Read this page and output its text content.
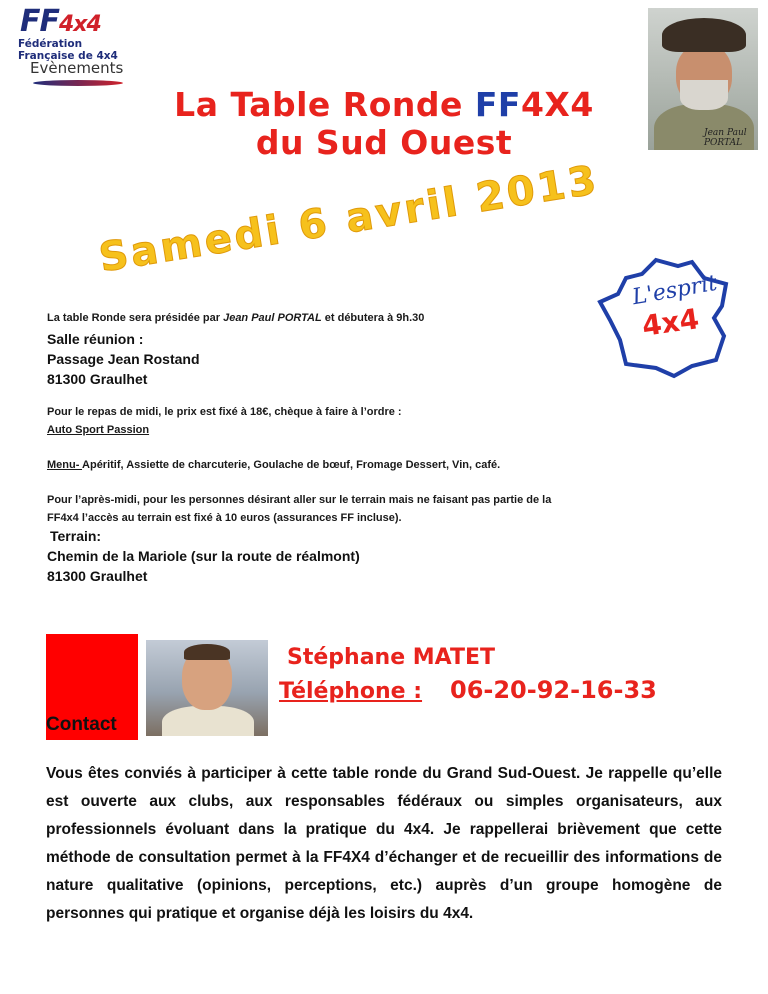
FF4x4
Fédération Française de 4x4
Evènements
La Table Ronde FF4X4
du Sud Ouest	Jean Paul PORTAL
Samedi 6 avril 2013
L'esprit
4x4
La table Ronde sera présidée par Jean Paul PORTAL et débutera à 9h.30
Salle réunion :
Passage Jean Rostand
81300 Graulhet
Pour le repas de midi, le prix est fixé à 18€, chèque à faire à l’ordre :
Auto Sport Passion
Menu- Apéritif, Assiette de charcuterie, Goulache de bœuf, Fromage Dessert, Vin, café.
Pour l’après-midi, pour les personnes désirant aller sur le terrain mais ne faisant pas partie de la
FF4x4 l’accès au terrain est fixé à 10 euros (assurances FF incluse).
Terrain:
Chemin de la Mariole (sur la route de réalmont)
81300 Graulhet
Contact
Stéphane MATET
Téléphone : 06-20-92-16-33
Vous êtes conviés à participer à cette table ronde du Grand Sud-Ouest. Je rappelle qu’elle est ouverte aux clubs, aux responsables fédéraux ou simples organisateurs, aux professionnels évoluant dans la pratique du 4x4. Je rappellerai brièvement que cette méthode de consultation permet à la FF4X4 d’échanger et de recueillir des informations de nature qualitative (opinions, perceptions, etc.) auprès d’un groupe homogène de personnes qui pratique et organise déjà les loisirs du 4x4.
